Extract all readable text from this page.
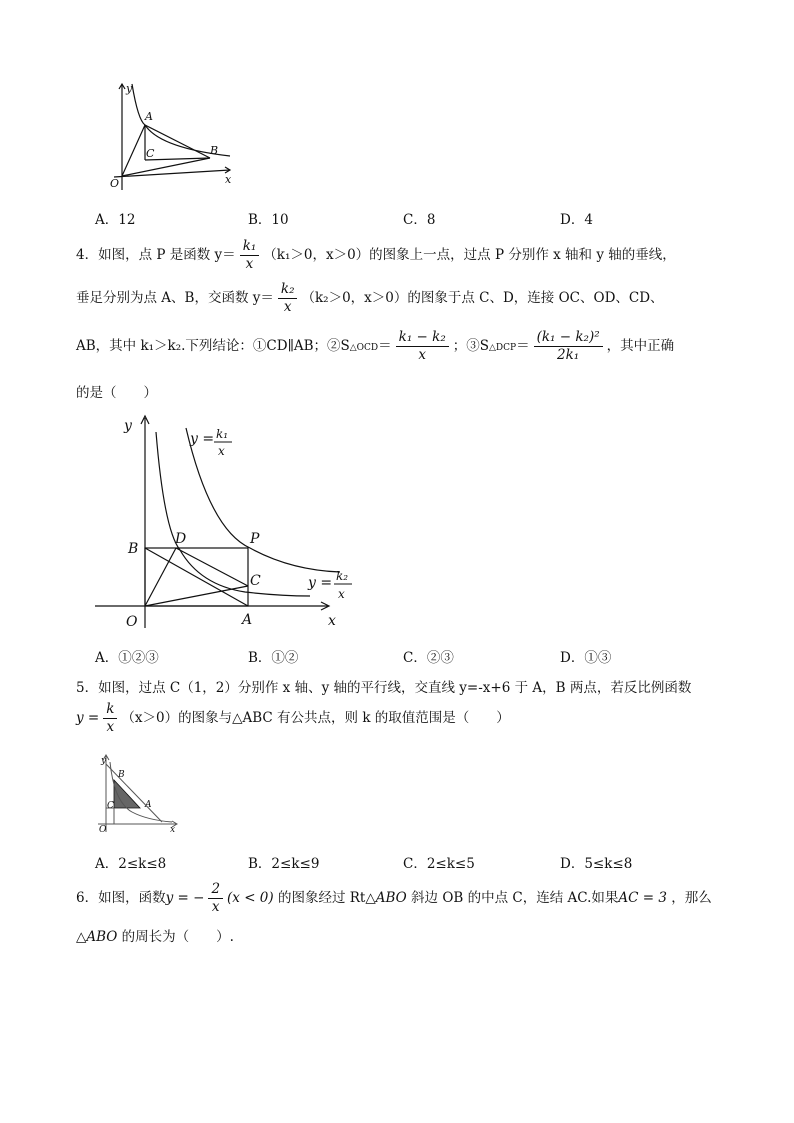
y
A
C	B
O	x
A．12	B．10	C．8	D．4
4．如图，点 P 是函数 $y= \frac{\text{k₁}}{x} (k_1>0$，x＞0）的图象上一点，过点 P 分别作 x 轴和 y 轴的垂线，
垂足分别为点 A、B，交函数 $y= \frac{\text{k₂}}{x} (k_2>0$，x＞0）的图象于点 C、D，连接 OC、OD、CD、
AB，其中 k₁＞k₂.下列结论：①CD∥AB；②S△OCD＝ $\frac{\text{k₁ − k₂}}{x}$ ；③S△DCP＝ $\frac{\text{(k₁ − k₂)²}}{\text{2k₁}}$ ，其中正确
的是（　　）
y
B
D	P
C
O	A	x
y = k₁
x
y = k₂
x
A．①②③	B．①②	C．②③	D．①③
5．如图，过点 C（1，2）分别作 x 轴、y 轴的平行线，交直线 y=-x+6 于 A，B 两点，若反比例函数
$y = \frac{k}{x} (x>0)$的图象与△ABC 有公共点，则 k 的取值范围是（　　）
y
B
C	A
O	x
A．2≤k≤8	B．2≤k≤9	C．2≤k≤5	D．5≤k≤8
6．如图，函数y = − $\frac{2}{x} (x < 0)$ 的图象经过 Rt△ABO 斜边 OB 的中点 C，连结 AC.如果AC = 3 ，那么
△ABO 的周长为（　　）.
